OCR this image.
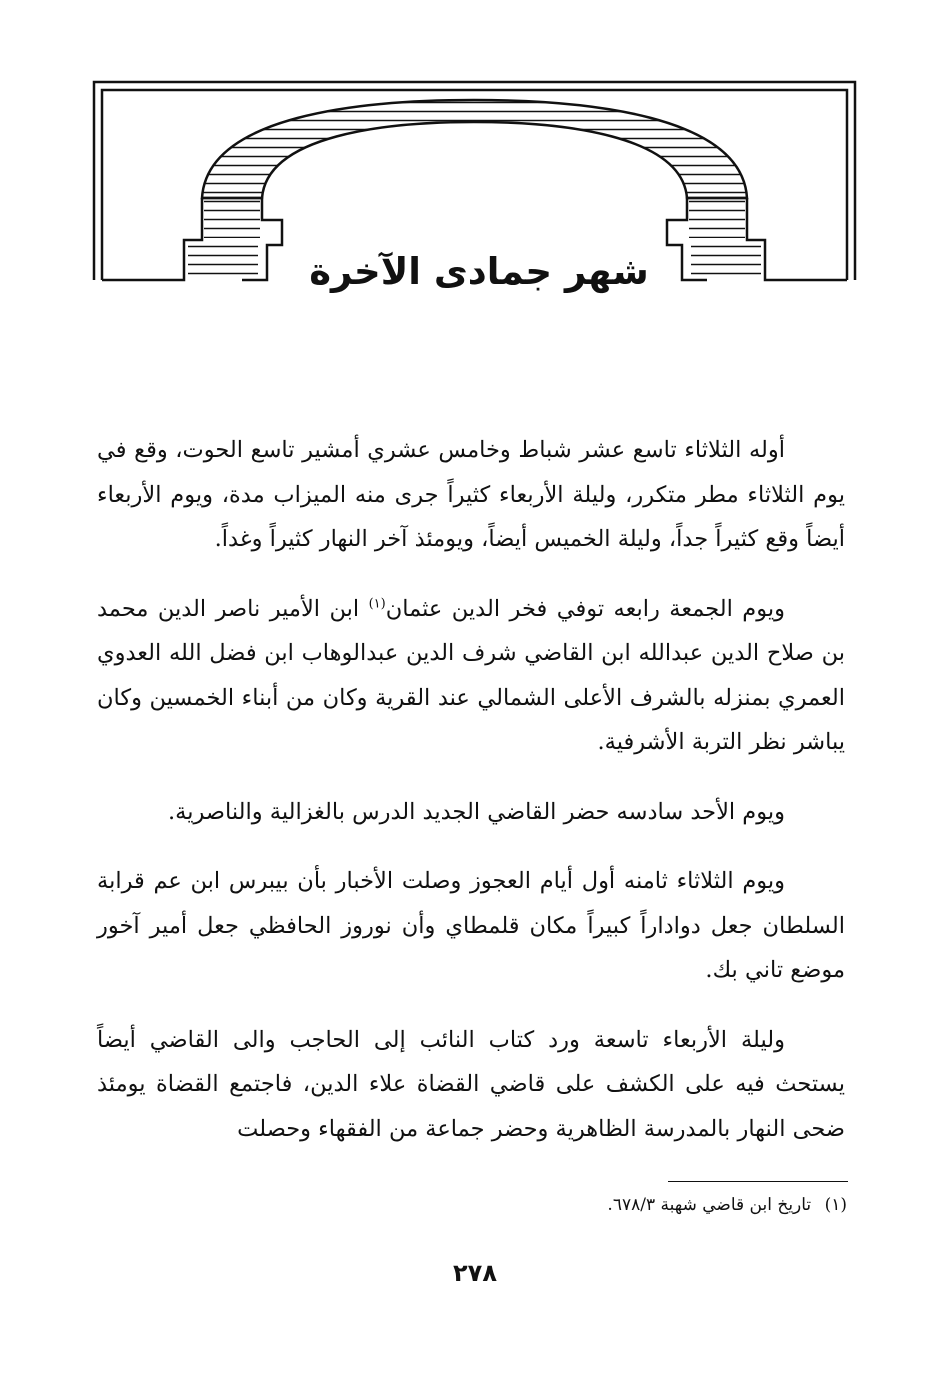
شهر جمادى الآخرة

أوله الثلاثاء تاسع عشر شباط وخامس عشري أمشير تاسع الحوت، وقع في يوم الثلاثاء مطر متكرر، وليلة الأربعاء كثيراً جرى منه الميزاب مدة، ويوم الأربعاء أيضاً وقع كثيراً جداً، وليلة الخميس أيضاً، ويومئذ آخر النهار كثيراً وغداً.

ويوم الجمعة رابعه توفي فخر الدين عثمان$^{(١)}$ ابن الأمير ناصر الدين محمد بن صلاح الدين عبدالله ابن القاضي شرف الدين عبدالوهاب ابن فضل الله العدوي العمري بمنزله بالشرف الأعلى الشمالي عند القرية وكان من أبناء الخمسين وكان يباشر نظر التربة الأشرفية.

ويوم الأحد سادسه حضر القاضي الجديد الدرس بالغزالية والناصرية.

ويوم الثلاثاء ثامنه أول أيام العجوز وصلت الأخبار بأن بيبرس ابن عم قرابة السلطان جعل دواداراً كبيراً مكان قلمطاي وأن نوروز الحافظي جعل أمير آخور موضع تاني بك.

وليلة الأربعاء تاسعة ورد كتاب النائب إلى الحاجب والى القاضي أيضاً يستحث فيه على الكشف على قاضي القضاة علاء الدين، فاجتمع القضاة يومئذ ضحى النهار بالمدرسة الظاهرية وحضر جماعة من الفقهاء وحصلت

(١) تاريخ ابن قاضي شهبة ٦٧٨/٣.
٢٧٨
